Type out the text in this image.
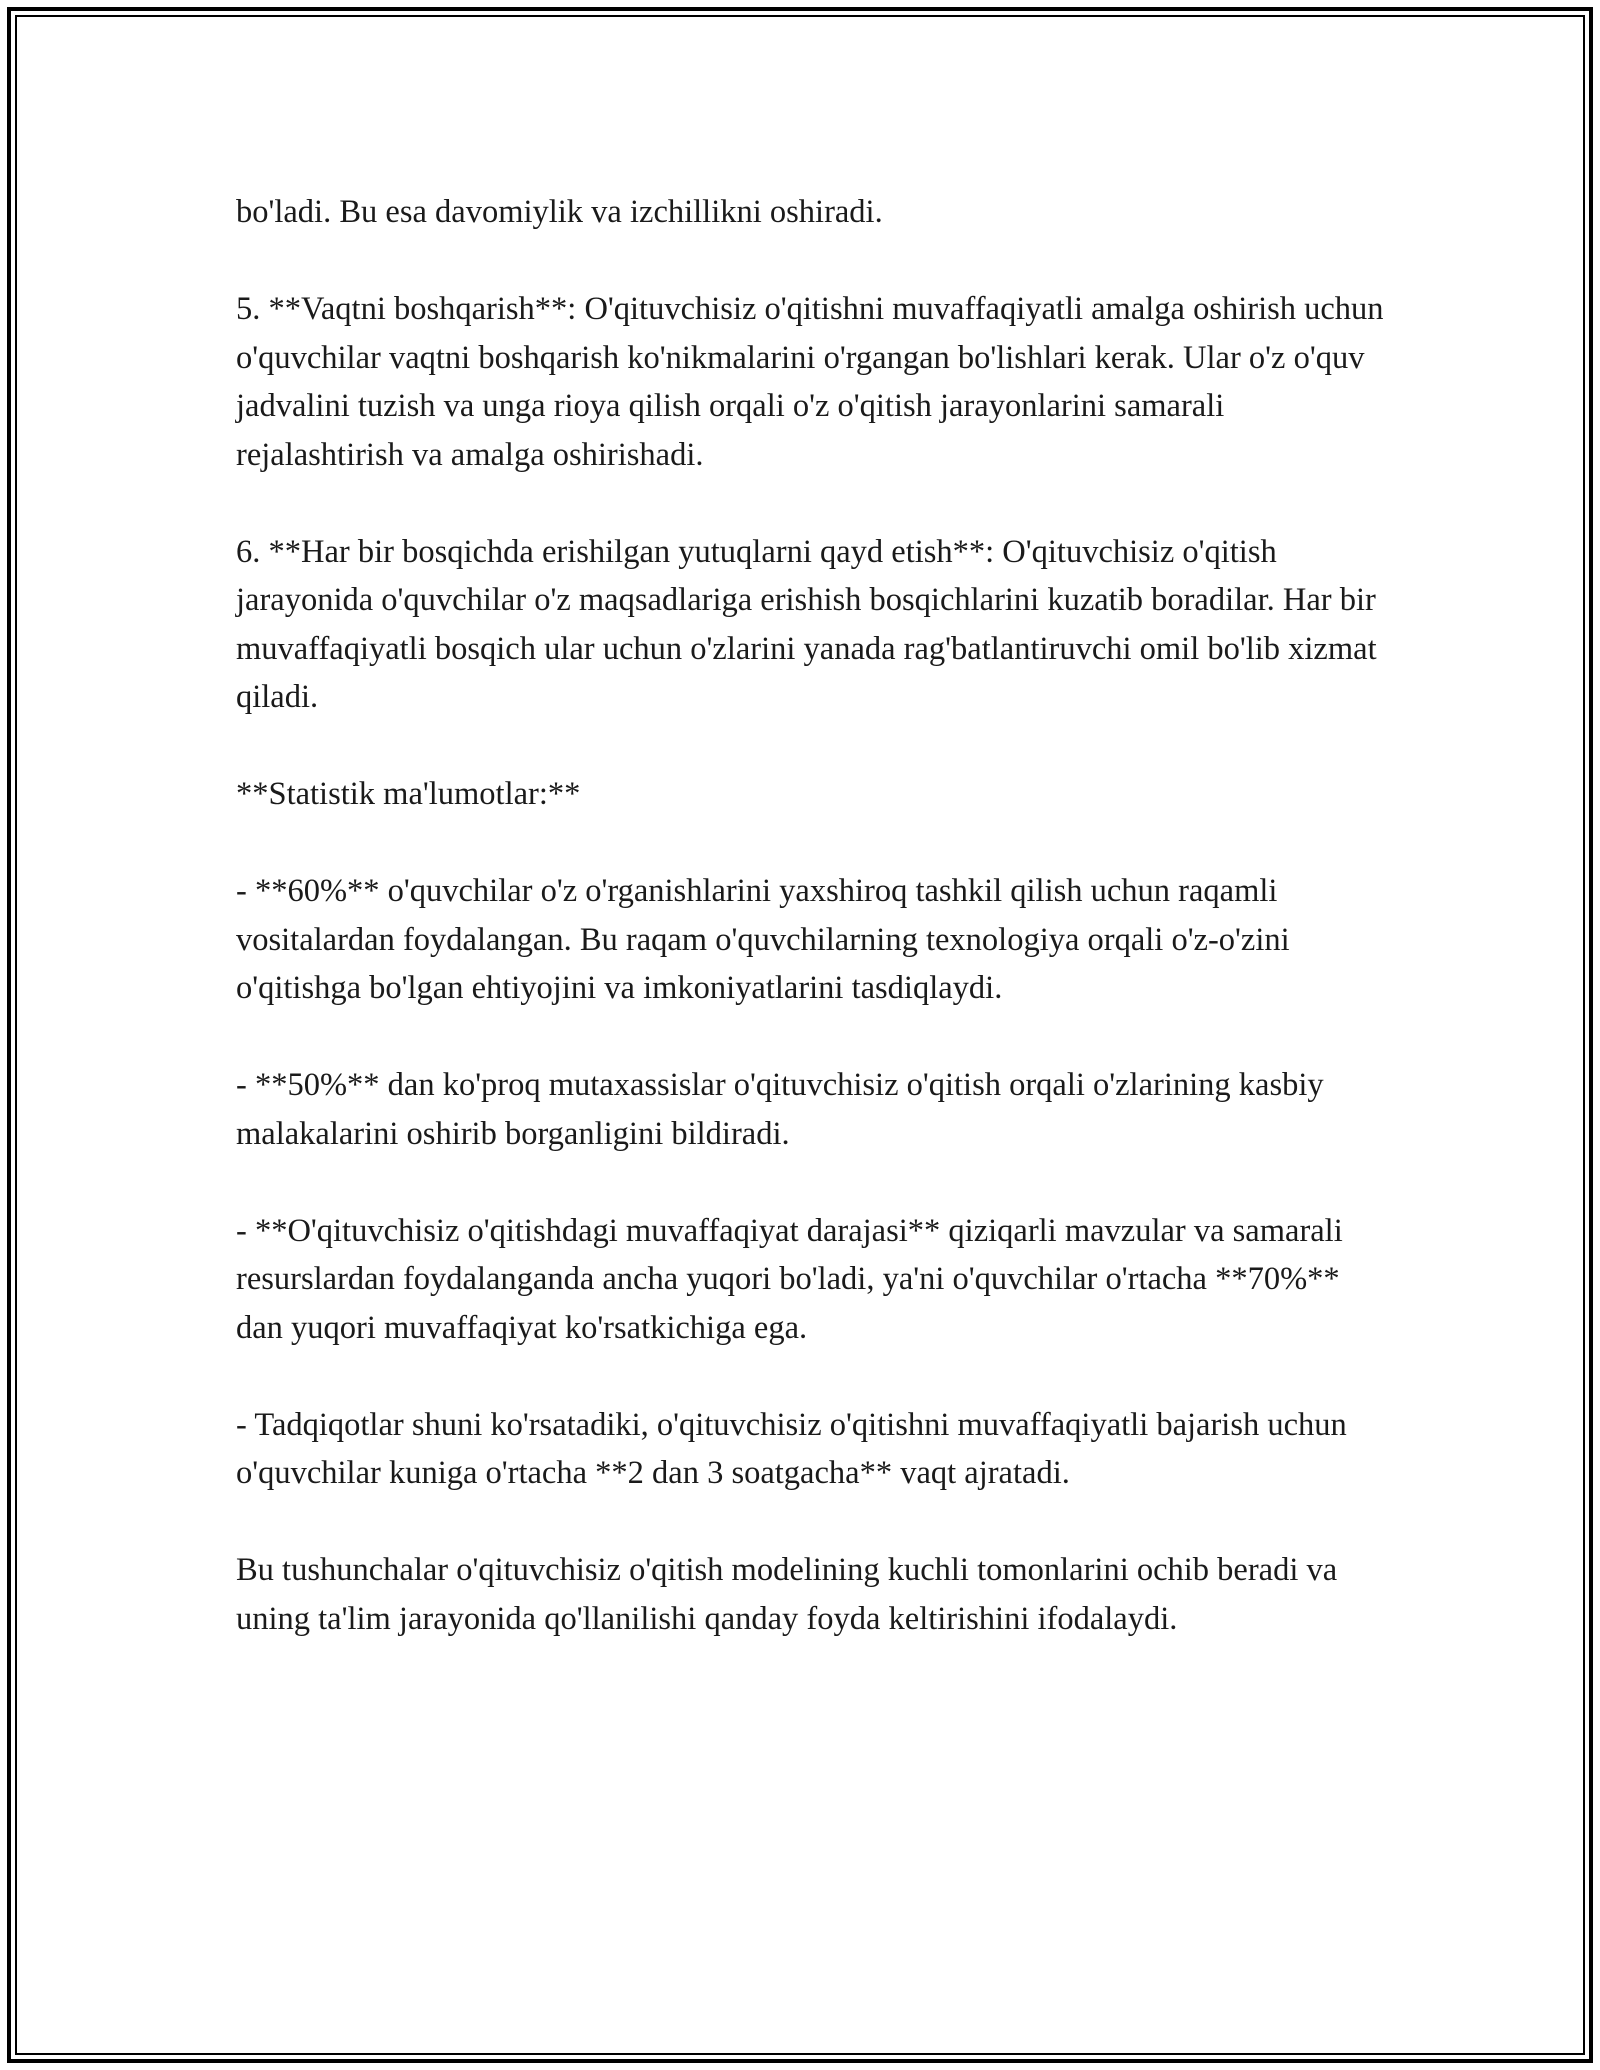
bo'ladi. Bu esa davomiylik va izchillikni oshiradi.

5. **Vaqtni boshqarish**: O'qituvchisiz o'qitishni muvaffaqiyatli amalga oshirish uchun o'quvchilar vaqtni boshqarish ko'nikmalarini o'rgangan bo'lishlari kerak. Ular o'z o'quv jadvalini tuzish va unga rioya qilish orqali o'z o'qitish jarayonlarini samarali rejalashtirish va amalga oshirishadi.

6. **Har bir bosqichda erishilgan yutuqlarni qayd etish**: O'qituvchisiz o'qitish jarayonida o'quvchilar o'z maqsadlariga erishish bosqichlarini kuzatib boradilar. Har bir muvaffaqiyatli bosqich ular uchun o'zlarini yanada rag'batlantiruvchi omil bo'lib xizmat qiladi.

**Statistik ma'lumotlar:**

- **60%** o'quvchilar o'z o'rganishlarini yaxshiroq tashkil qilish uchun raqamli vositalardan foydalangan. Bu raqam o'quvchilarning texnologiya orqali o'z-o'zini o'qitishga bo'lgan ehtiyojini va imkoniyatlarini tasdiqlaydi.

- **50%** dan ko'proq mutaxassislar o'qituvchisiz o'qitish orqali o'zlarining kasbiy malakalarini oshirib borganligini bildiradi.

- **O'qituvchisiz o'qitishdagi muvaffaqiyat darajasi** qiziqarli mavzular va samarali resurslardan foydalanganda ancha yuqori bo'ladi, ya'ni o'quvchilar o'rtacha **70%** dan yuqori muvaffaqiyat ko'rsatkichiga ega.

- Tadqiqotlar shuni ko'rsatadiki, o'qituvchisiz o'qitishni muvaffaqiyatli bajarish uchun o'quvchilar kuniga o'rtacha **2 dan 3 soatgacha** vaqt ajratadi.

Bu tushunchalar o'qituvchisiz o'qitish modelining kuchli tomonlarini ochib beradi va uning ta'lim jarayonida qo'llanilishi qanday foyda keltirishini ifodalaydi.
